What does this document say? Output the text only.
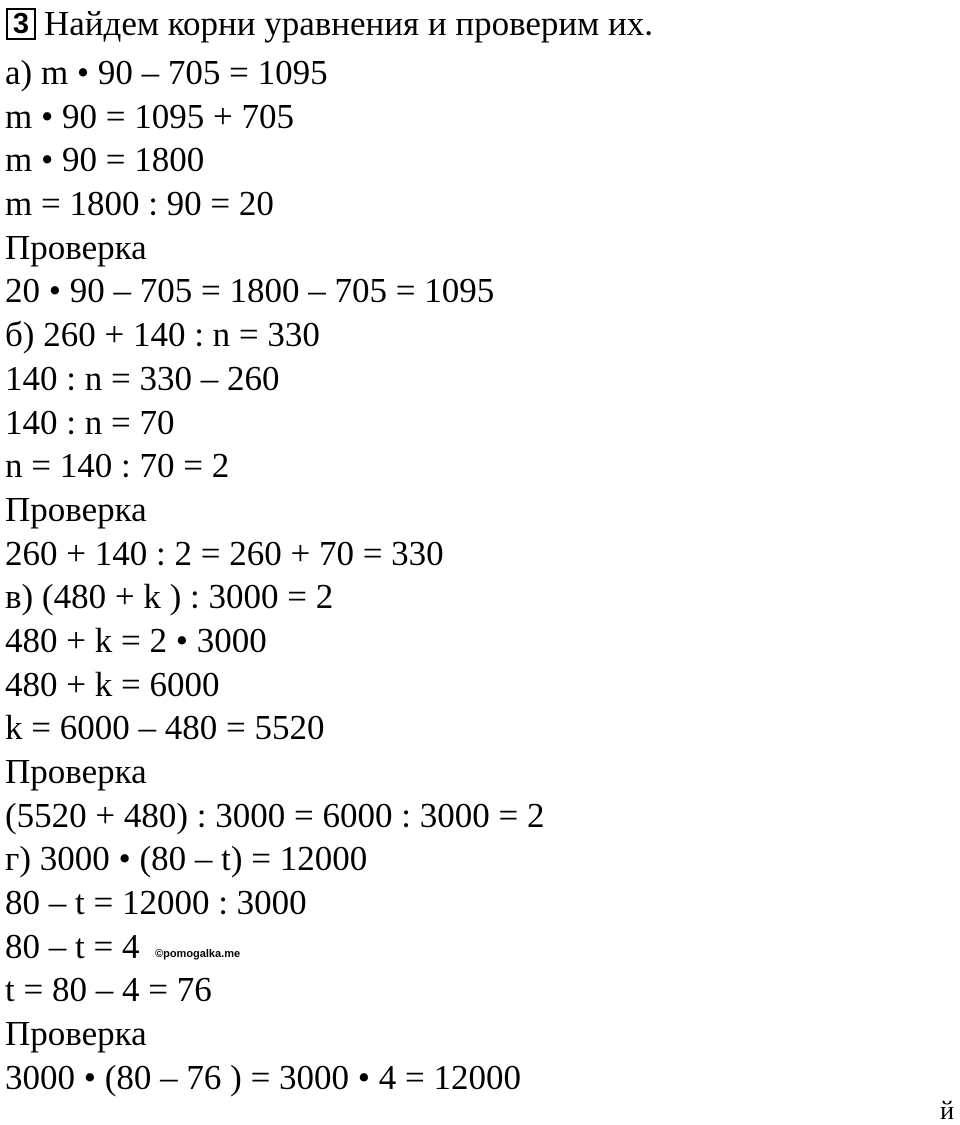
3 Найдем корни уравнения и проверим их.
а) m • 90 – 705 = 1095
m • 90 = 1095 + 705
m • 90 = 1800
m = 1800 : 90 = 20
Проверка
20 • 90 – 705 = 1800 – 705 = 1095
б) 260 + 140 : n = 330
140 : n = 330 – 260
140 : n = 70
n = 140 : 70 = 2
Проверка
260 + 140 : 2 = 260 + 70 = 330
в) (480 + k ) : 3000 = 2
480 + k = 2 • 3000
480 + k = 6000
k = 6000 – 480 = 5520
Проверка
(5520 + 480) : 3000 = 6000 : 3000 = 2
г) 3000 • (80 – t) = 12000
80 – t = 12000 : 3000
80 – t = 4
t = 80 – 4 = 76
Проверка
3000 • (80 – 76 ) = 3000 • 4 = 12000
©pomogalka.me
й
